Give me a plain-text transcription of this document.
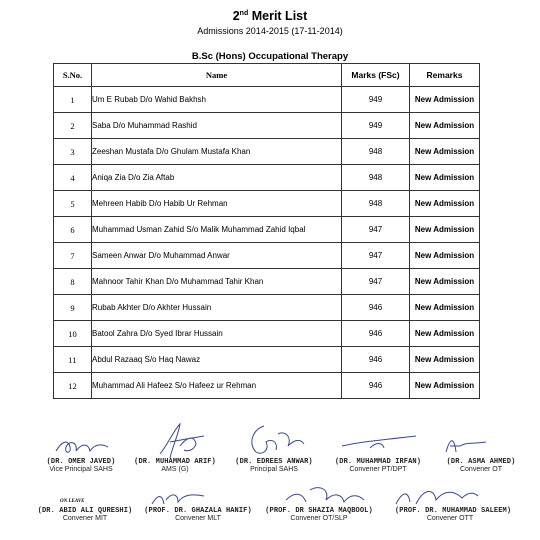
2nd Merit List
Admissions 2014-2015 (17-11-2014)
B.Sc (Hons) Occupational Therapy
S.No.	Name	Marks (FSc)	Remarks
1	Um E Rubab D/o Wahid Bakhsh	949	New Admission
2	Saba D/o Muhammad Rashid	949	New Admission
3	Zeeshan Mustafa D/o Ghulam Mustafa Khan	948	New Admission
4	Aniqa Zia D/o Zia Aftab	948	New Admission
5	Mehreen Habib D/o Habib Ur Rehman	948	New Admission
6	Muhammad Usman Zahid S/o Malik Muhammad Zahid Iqbal	947	New Admission
7	Sameen Anwar D/o Muhammad Anwar	947	New Admission
8	Mahnoor Tahir Khan D/o Muhammad Tahir Khan	947	New Admission
9	Rubab Akhter D/o Akhter Hussain	946	New Admission
10	Batool Zahra D/o Syed Ibrar Hussain	946	New Admission
11	Abdul Razaaq S/o Haq Nawaz	946	New Admission
12	Muhammad Ali Hafeez S/o Hafeez ur Rehman	946	New Admission
(DR. OMER JAVED)
Vice Principal SAHS
(DR. MUHAMMAD ARIF)
AMS (G)
(DR. EDREES ANWAR)
Principal SAHS
(DR. MUHAMMAD IRFAN)
Convener PT/DPT
(DR. ASMA AHMED)
Convener OT
ON LEAVE
(DR. ABID ALI QURESHI)
Convener MIT
(PROF. DR. GHAZALA HANIF)
Convener MLT
(PROF. DR SHAZIA MAQBOOL)
Convener OT/SLP
(PROF. DR. MUHAMMAD SALEEM)
Convener OTT
